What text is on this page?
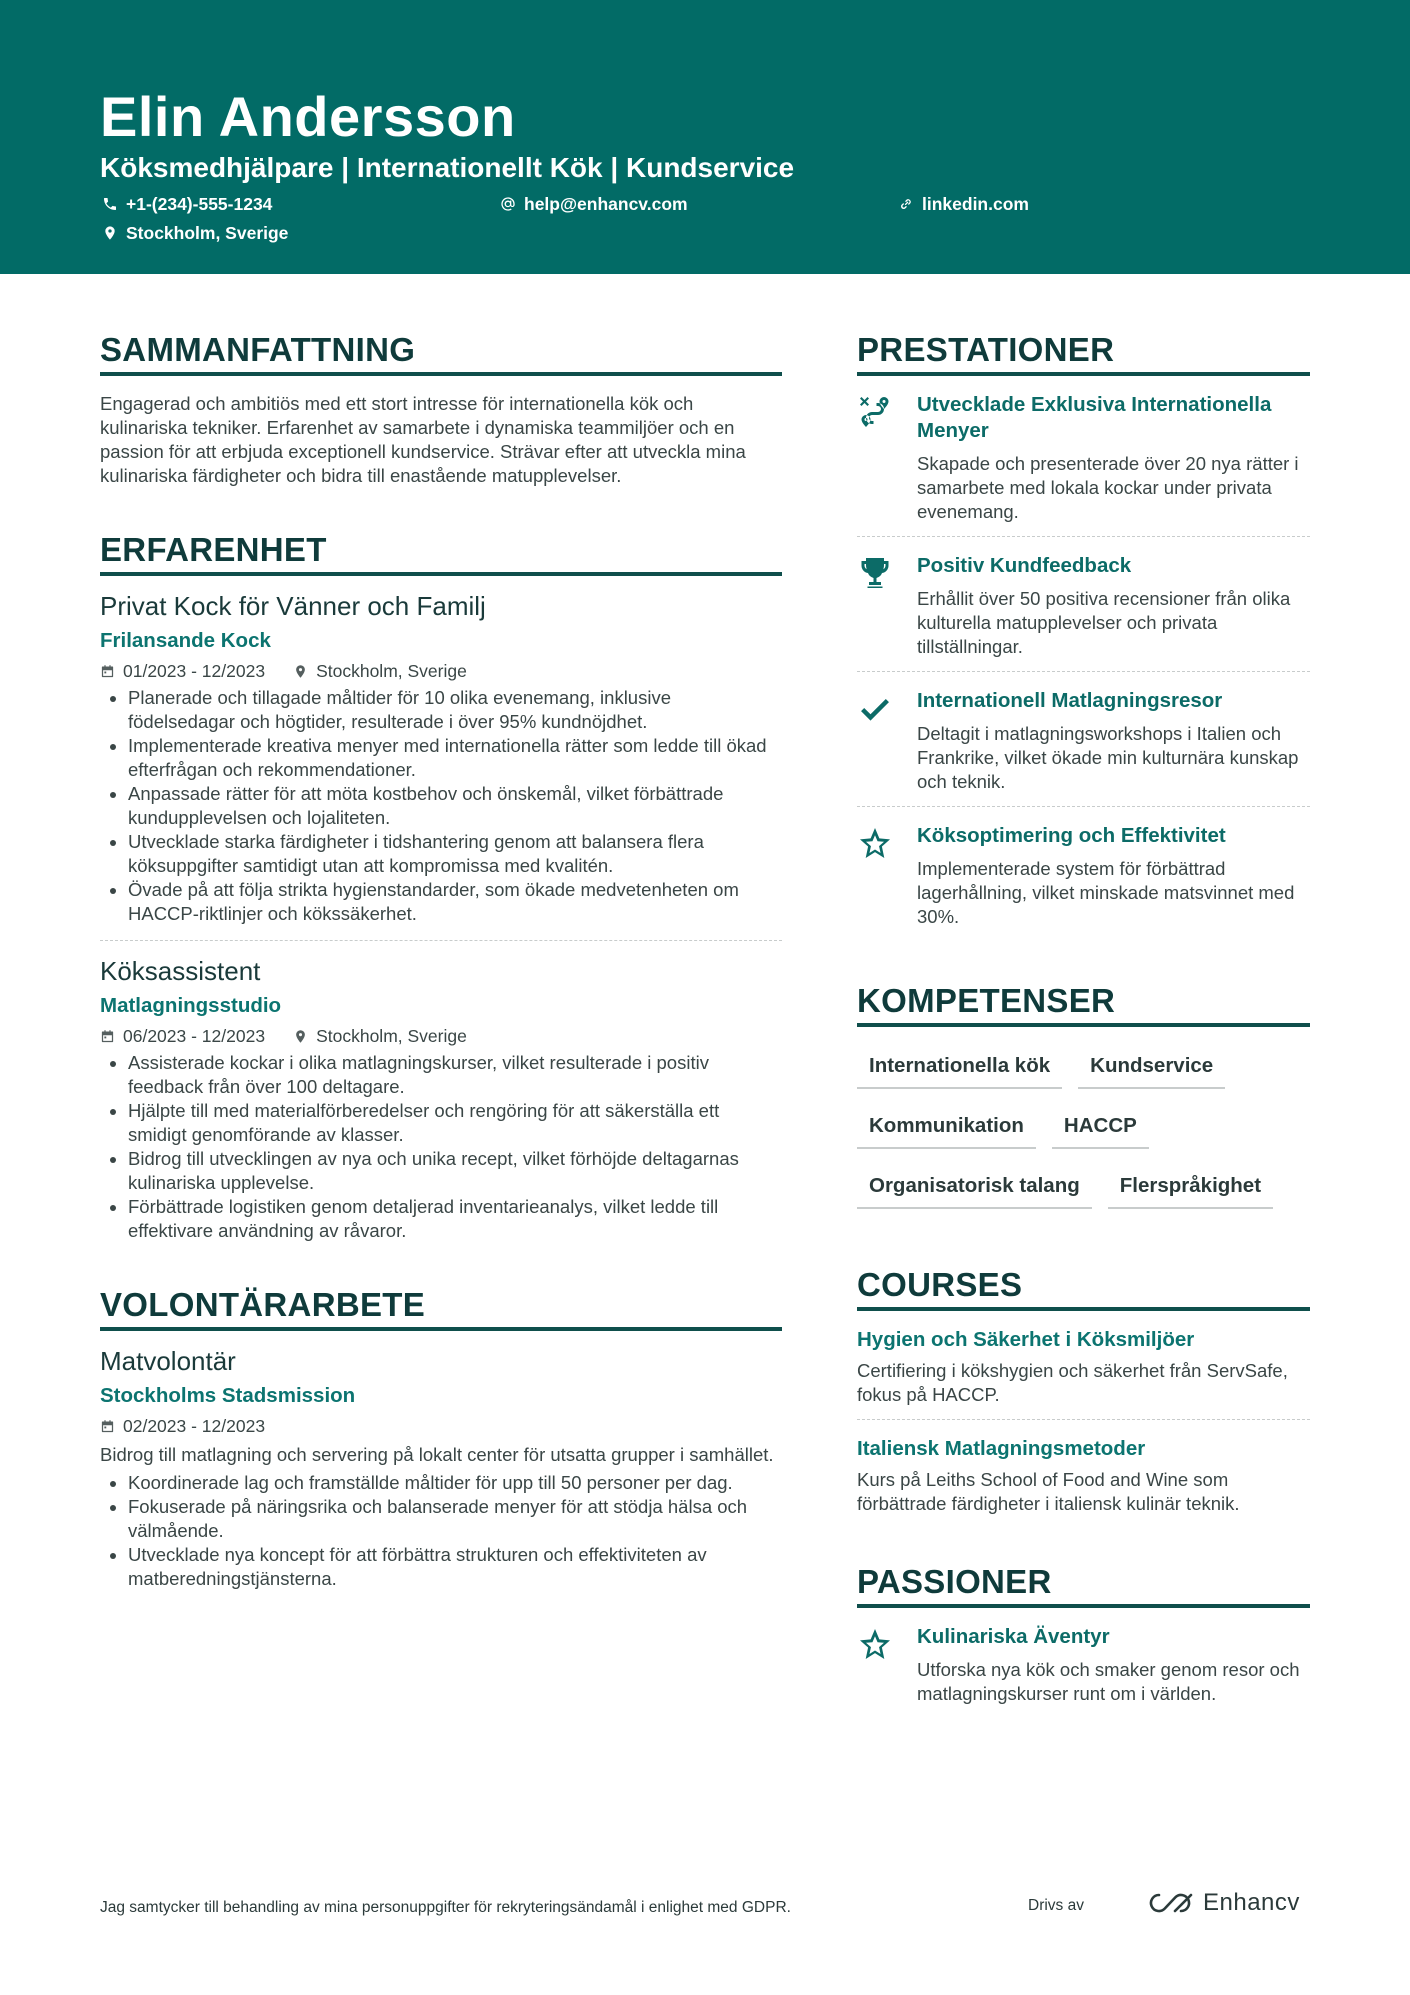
Elin Andersson
Köksmedhjälpare | Internationellt Kök | Kundservice
+1-(234)-555-1234	help@enhancv.com	linkedin.com
Stockholm, Sverige
SAMMANFATTNING
Engagerad och ambitiös med ett stort intresse för internationella kök och kulinariska tekniker. Erfarenhet av samarbete i dynamiska teammiljöer och en passion för att erbjuda exceptionell kundservice. Strävar efter att utveckla mina kulinariska färdigheter och bidra till enastående matupplevelser.
ERFARENHET
Privat Kock för Vänner och Familj
Frilansande Kock
01/2023 - 12/2023	Stockholm, Sverige
• Planerade och tillagade måltider för 10 olika evenemang, inklusive födelsedagar och högtider, resulterade i över 95% kundnöjdhet.
• Implementerade kreativa menyer med internationella rätter som ledde till ökad efterfrågan och rekommendationer.
• Anpassade rätter för att möta kostbehov och önskemål, vilket förbättrade kundupplevelsen och lojaliteten.
• Utvecklade starka färdigheter i tidshantering genom att balansera flera köksuppgifter samtidigt utan att kompromissa med kvalitén.
• Övade på att följa strikta hygienstandarder, som ökade medvetenheten om HACCP-riktlinjer och kökssäkerhet.
Köksassistent
Matlagningsstudio
06/2023 - 12/2023	Stockholm, Sverige
• Assisterade kockar i olika matlagningskurser, vilket resulterade i positiv feedback från över 100 deltagare.
• Hjälpte till med materialförberedelser och rengöring för att säkerställa ett smidigt genomförande av klasser.
• Bidrog till utvecklingen av nya och unika recept, vilket förhöjde deltagarnas kulinariska upplevelse.
• Förbättrade logistiken genom detaljerad inventarieanalys, vilket ledde till effektivare användning av råvaror.
VOLONTÄRARBETE
Matvolontär
Stockholms Stadsmission
02/2023 - 12/2023
Bidrog till matlagning och servering på lokalt center för utsatta grupper i samhället.
• Koordinerade lag och framställde måltider för upp till 50 personer per dag.
• Fokuserade på näringsrika och balanserade menyer för att stödja hälsa och välmående.
• Utvecklade nya koncept för att förbättra strukturen och effektiviteten av matberedningstjänsterna.
PRESTATIONER
Utvecklade Exklusiva Internationella Menyer
Skapade och presenterade över 20 nya rätter i samarbete med lokala kockar under privata evenemang.
Positiv Kundfeedback
Erhållit över 50 positiva recensioner från olika kulturella matupplevelser och privata tillställningar.
Internationell Matlagningsresor
Deltagit i matlagningsworkshops i Italien och Frankrike, vilket ökade min kulturnära kunskap och teknik.
Köksoptimering och Effektivitet
Implementerade system för förbättrad lagerhållning, vilket minskade matsvinnet med 30%.
KOMPETENSER
Internationella kök	Kundservice
Kommunikation	HACCP
Organisatorisk talang	Flerspråkighet
COURSES
Hygien och Säkerhet i Köksmiljöer
Certifiering i kökshygien och säkerhet från ServSafe, fokus på HACCP.
Italiensk Matlagningsmetoder
Kurs på Leiths School of Food and Wine som förbättrade färdigheter i italiensk kulinär teknik.
PASSIONER
Kulinariska Äventyr
Utforska nya kök och smaker genom resor och matlagningskurser runt om i världen.
Jag samtycker till behandling av mina personuppgifter för rekryteringsändamål i enlighet med GDPR.	Drivs av	Enhancv
